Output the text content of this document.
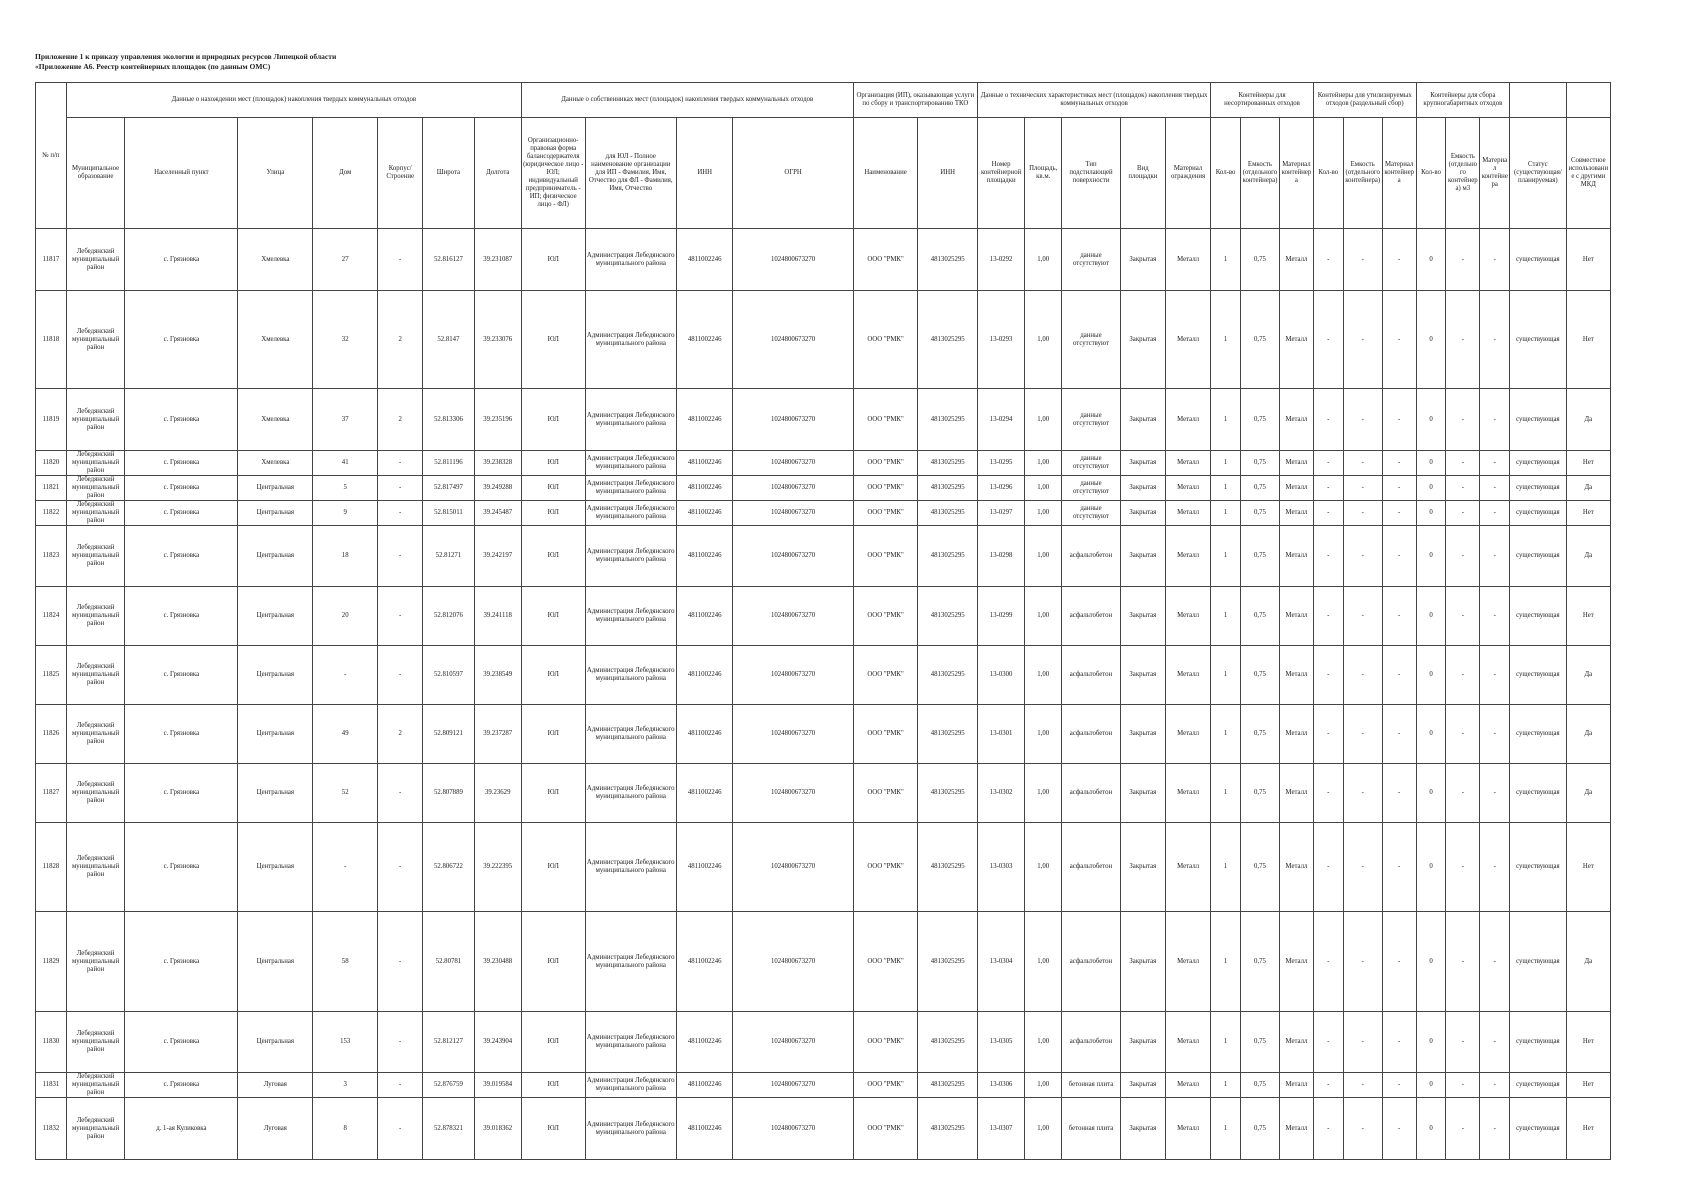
Приложение 1 к приказу управления экологии и природных ресурсов Липецкой области
«Приложение А6. Реестр контейнерных площадок (по данным ОМС)
№ п/п	Данные о нахождении мест (площадок) накопления твердых коммунальных отходов							Данные о собственниках мест (площадок) накопления твердых коммунальных отходов				Организация (ИП), оказывающая услуги по сбору и транспортированию ТКО		Данные о технических характеристиках мест (площадок) накопления твердых коммунальных отходов					Контейнеры для несортированных отходов			Контейнеры для утилизируемых отходов (раздельный сбор)			Контейнеры для сбора крупногабаритных отходов				
	Муниципальное образование	Населенный пункт	Улица	Дом	Корпус/Строение	Широта	Долгота	Организационно-правовая форма балансодержателя (юридическое лицо - ЮЛ; индивидуальный предприниматель - ИП; физическое лицо - ФЛ)	для ЮЛ - Полное наименование организации для ИП - Фамилия, Имя, Отчество для ФЛ - Фамилия, Имя, Отчество	ИНН	ОГРН	Наименование	ИНН	Номер контейнерной площадки	Площадь, кв.м.	Тип подстилающей поверхности	Вид площадки	Материал ограждения	Кол-во	Емкость (отдельного контейнера)	Материал контейнера	Кол-во	Емкость (отдельного контейнера)	Материал контейнера	Кол-во	Емкость (отдельного контейнера) м3	Материал контейнера	Статус (существующая/планируемая)	Совместное использование с другими МКД
11817	Лебедянский муниципальный район	с. Грязновка	Хмелевка	27	-	52.816127	39.231087	ЮЛ	Администрация Лебедянского муниципального района	4811002246	1024800673270	ООО "РМК"	4813025295	13-0292	1,00	данные отсутствуют	Закрытая	Металл	1	0,75	Металл	-	-	-	0	-	-	существующая	Нет
11818	Лебедянский муниципальный район	с. Грязновка	Хмелевка	32	2	52.8147	39.233076	ЮЛ	Администрация Лебедянского муниципального района	4811002246	1024800673270	ООО "РМК"	4813025295	13-0293	1,00	данные отсутствуют	Закрытая	Металл	1	0,75	Металл	-	-	-	0	-	-	существующая	Нет
11819	Лебедянский муниципальный район	с. Грязновка	Хмелевка	37	2	52.813306	39.235196	ЮЛ	Администрация Лебедянского муниципального района	4811002246	1024800673270	ООО "РМК"	4813025295	13-0294	1,00	данные отсутствуют	Закрытая	Металл	1	0,75	Металл	-	-	-	0	-	-	существующая	Да
11820	Лебедянский муниципальный район	с. Грязновка	Хмелевка	41	-	52.811196	39.238328	ЮЛ	Администрация Лебедянского муниципального района	4811002246	1024800673270	ООО "РМК"	4813025295	13-0295	1,00	данные отсутствуют	Закрытая	Металл	1	0,75	Металл	-	-	-	0	-	-	существующая	Нет
11821	Лебедянский муниципальный район	с. Грязновка	Центральная	5	-	52.817497	39.249288	ЮЛ	Администрация Лебедянского муниципального района	4811002246	1024800673270	ООО "РМК"	4813025295	13-0296	1,00	данные отсутствуют	Закрытая	Металл	1	0,75	Металл	-	-	-	0	-	-	существующая	Да
11822	Лебедянский муниципальный район	с. Грязновка	Центральная	9	-	52.815011	39.245487	ЮЛ	Администрация Лебедянского муниципального района	4811002246	1024800673270	ООО "РМК"	4813025295	13-0297	1,00	данные отсутствуют	Закрытая	Металл	1	0,75	Металл	-	-	-	0	-	-	существующая	Нет
11823	Лебедянский муниципальный район	с. Грязновка	Центральная	18	-	52.81271	39.242197	ЮЛ	Администрация Лебедянского муниципального района	4811002246	1024800673270	ООО "РМК"	4813025295	13-0298	1,00	асфальтобетон	Закрытая	Металл	1	0,75	Металл	-	-	-	0	-	-	существующая	Да
11824	Лебедянский муниципальный район	с. Грязновка	Центральная	20	-	52.812076	39.241118	ЮЛ	Администрация Лебедянского муниципального района	4811002246	1024800673270	ООО "РМК"	4813025295	13-0299	1,00	асфальтобетон	Закрытая	Металл	1	0,75	Металл	-	-	-	0	-	-	существующая	Нет
11825	Лебедянский муниципальный район	с. Грязновка	Центральная	-	-	52.810597	39.238549	ЮЛ	Администрация Лебедянского муниципального района	4811002246	1024800673270	ООО "РМК"	4813025295	13-0300	1,00	асфальтобетон	Закрытая	Металл	1	0,75	Металл	-	-	-	0	-	-	существующая	Да
11826	Лебедянский муниципальный район	с. Грязновка	Центральная	49	2	52.809121	39.237287	ЮЛ	Администрация Лебедянского муниципального района	4811002246	1024800673270	ООО "РМК"	4813025295	13-0301	1,00	асфальтобетон	Закрытая	Металл	1	0,75	Металл	-	-	-	0	-	-	существующая	Да
11827	Лебедянский муниципальный район	с. Грязновка	Центральная	52	-	52.807889	39.23629	ЮЛ	Администрация Лебедянского муниципального района	4811002246	1024800673270	ООО "РМК"	4813025295	13-0302	1,00	асфальтобетон	Закрытая	Металл	1	0,75	Металл	-	-	-	0	-	-	существующая	Да
11828	Лебедянский муниципальный район	с. Грязновка	Центральная	-	-	52.806722	39.222395	ЮЛ	Администрация Лебедянского муниципального района	4811002246	1024800673270	ООО "РМК"	4813025295	13-0303	1,00	асфальтобетон	Закрытая	Металл	1	0,75	Металл	-	-	-	0	-	-	существующая	Нет
11829	Лебедянский муниципальный район	с. Грязновка	Центральная	58	-	52.80781	39.230488	ЮЛ	Администрация Лебедянского муниципального района	4811002246	1024800673270	ООО "РМК"	4813025295	13-0304	1,00	асфальтобетон	Закрытая	Металл	1	0,75	Металл	-	-	-	0	-	-	существующая	Да
11830	Лебедянский муниципальный район	с. Грязновка	Центральная	153	-	52.812127	39.243904	ЮЛ	Администрация Лебедянского муниципального района	4811002246	1024800673270	ООО "РМК"	4813025295	13-0305	1,00	асфальтобетон	Закрытая	Металл	1	0,75	Металл	-	-	-	0	-	-	существующая	Нет
11831	Лебедянский муниципальный район	с. Грязновка	Луговая	3	-	52.876759	39.019584	ЮЛ	Администрация Лебедянского муниципального района	4811002246	1024800673270	ООО "РМК"	4813025295	13-0306	1,00	бетонная плита	Закрытая	Металл	1	0,75	Металл	-	-	-	0	-	-	существующая	Нет
11832	Лебедянский муниципальный район	д. 1-ая Куликовка	Луговая	8	-	52.878321	39.018362	ЮЛ	Администрация Лебедянского муниципального района	4811002246	1024800673270	ООО "РМК"	4813025295	13-0307	1,00	бетонная плита	Закрытая	Металл	1	0,75	Металл	-	-	-	0	-	-	существующая	Нет
